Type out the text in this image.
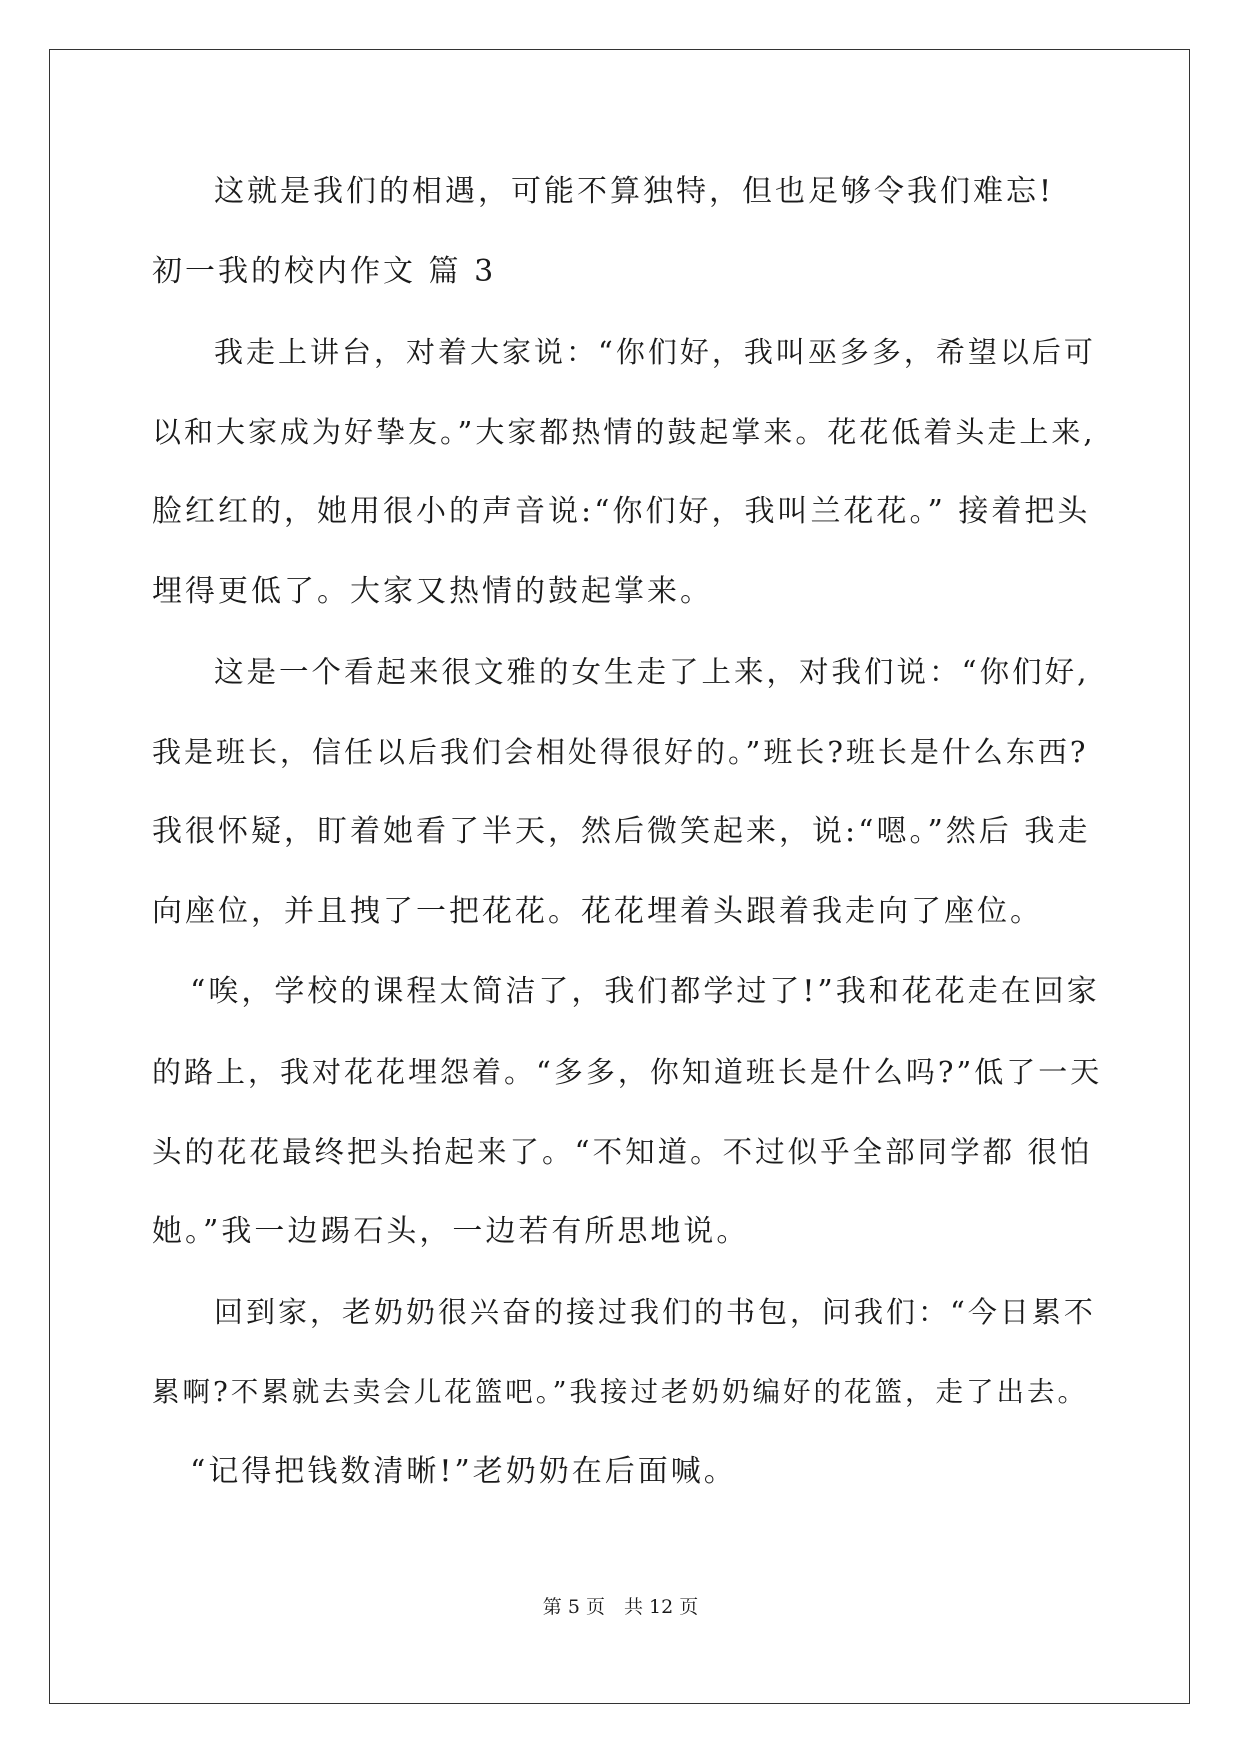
这就是我们的相遇，可能不算独特，但也足够令我们难忘!
初一我的校内作文 篇 3
我走上讲台，对着大家说：“你们好，我叫巫多多，希望以后可
以和大家成为好挚友。”大家都热情的鼓起掌来。花花低着头走上来,
脸红红的，她用很小的声音说:“你们好，我叫兰花花。” 接着把头
埋得更低了。大家又热情的鼓起掌来。
这是一个看起来很文雅的女生走了上来，对我们说：“你们好,
我是班长，信任以后我们会相处得很好的。”班长?班长是什么东西?
我很怀疑，盯着她看了半天，然后微笑起来，说:“嗯。”然后 我走
向座位，并且拽了一把花花。花花埋着头跟着我走向了座位。
“唉，学校的课程太简洁了，我们都学过了!”我和花花走在回家
的路上，我对花花埋怨着。“多多，你知道班长是什么吗?”低了一天
头的花花最终把头抬起来了。“不知道。不过似乎全部同学都 很怕
她。”我一边踢石头，一边若有所思地说。
回到家，老奶奶很兴奋的接过我们的书包，问我们：“今日累不
累啊?不累就去卖会儿花篮吧。”我接过老奶奶编好的花篮，走了出去。
“记得把钱数清晰!”老奶奶在后面喊。
第 5 页　共 12 页
